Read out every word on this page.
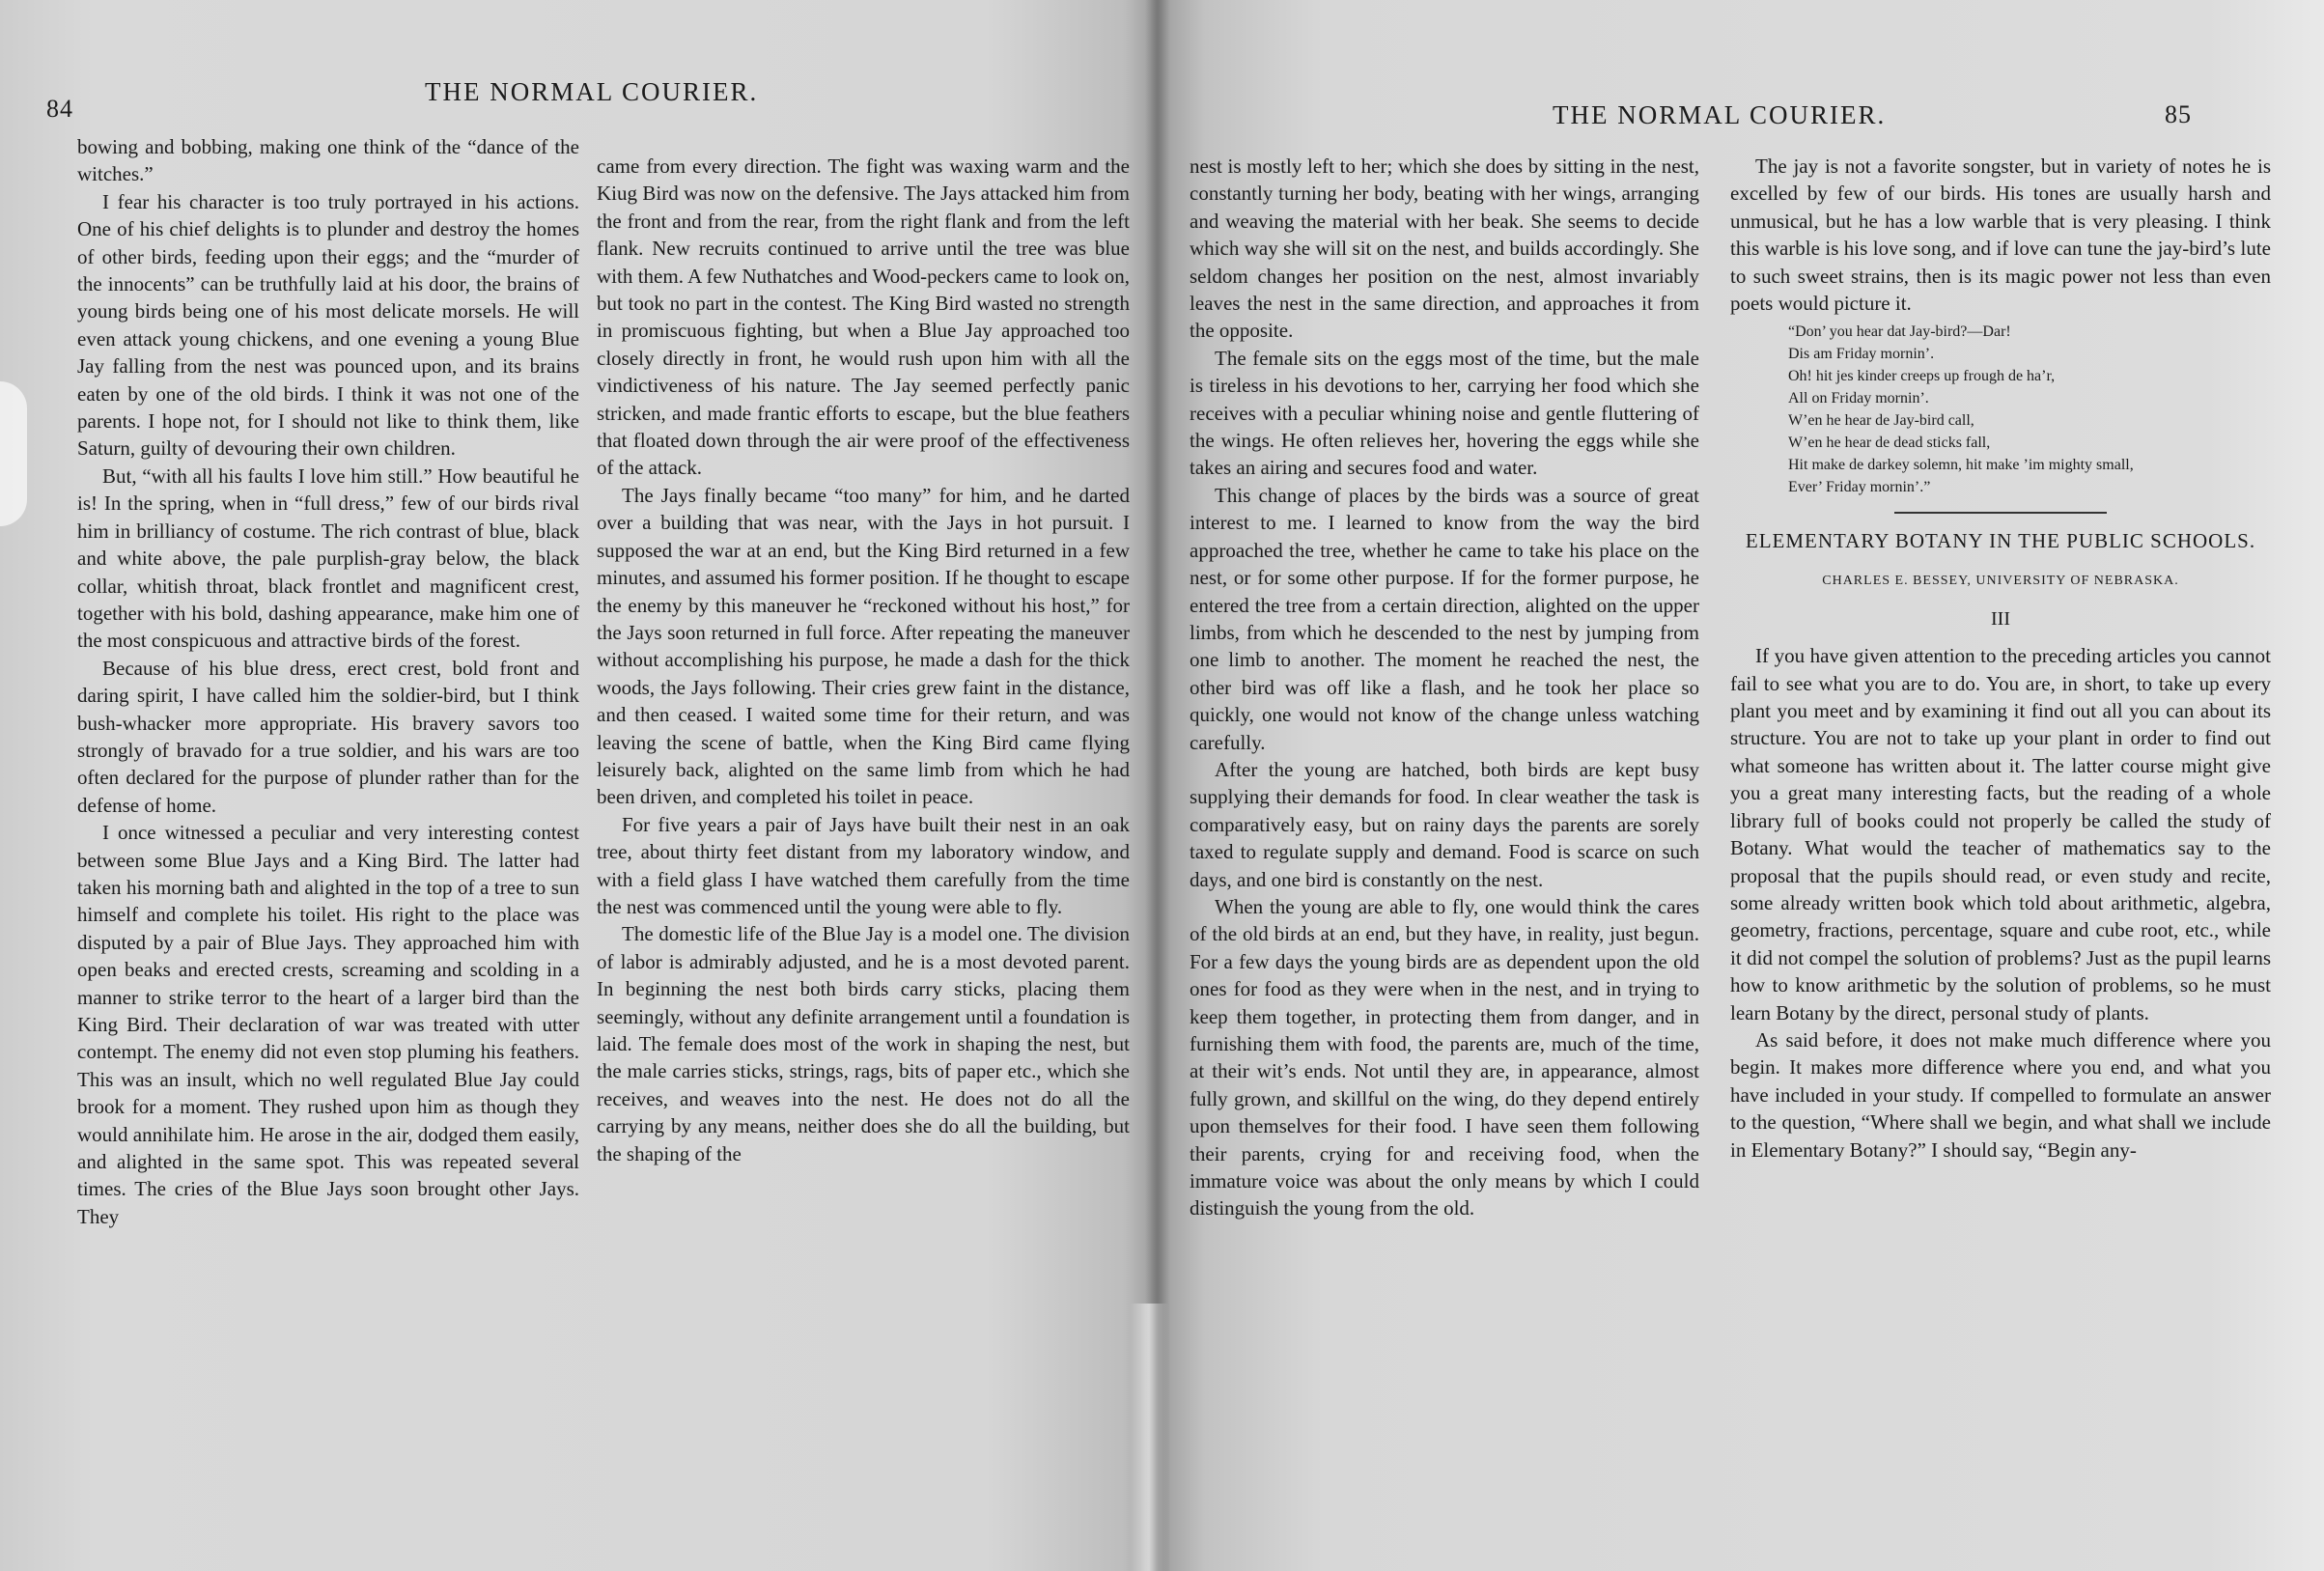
84
THE NORMAL COURIER.

bowing and bobbing, making one think of the “dance of the witches.”

I fear his character is too truly portrayed in his actions. One of his chief delights is to plunder and destroy the homes of other birds, feeding upon their eggs; and the “murder of the innocents” can be truthfully laid at his door, the brains of young birds being one of his most delicate morsels. He will even attack young chickens, and one evening a young Blue Jay falling from the nest was pounced upon, and its brains eaten by one of the old birds. I think it was not one of the parents. I hope not, for I should not like to think them, like Saturn, guilty of devouring their own children.

But, “with all his faults I love him still.” How beautiful he is! In the spring, when in “full dress,” few of our birds rival him in brilliancy of costume. The rich contrast of blue, black and white above, the pale purplish-gray below, the black collar, whitish throat, black frontlet and magnificent crest, together with his bold, dashing appearance, make him one of the most conspicuous and attractive birds of the forest.

Because of his blue dress, erect crest, bold front and daring spirit, I have called him the soldier-bird, but I think bush-whacker more appropriate. His bravery savors too strongly of bravado for a true soldier, and his wars are too often declared for the purpose of plunder rather than for the defense of home.

I once witnessed a peculiar and very interesting contest between some Blue Jays and a King Bird. The latter had taken his morning bath and alighted in the top of a tree to sun himself and complete his toilet. His right to the place was disputed by a pair of Blue Jays. They approached him with open beaks and erected crests, screaming and scolding in a manner to strike terror to the heart of a larger bird than the King Bird. Their declaration of war was treated with utter contempt. The enemy did not even stop pluming his feathers. This was an insult, which no well regulated Blue Jay could brook for a moment. They rushed upon him as though they would annihilate him. He arose in the air, dodged them easily, and alighted in the same spot. This was repeated several times. The cries of the Blue Jays soon brought other Jays. They

came from every direction. The fight was waxing warm and the Kiug Bird was now on the defensive. The Jays attacked him from the front and from the rear, from the right flank and from the left flank. New recruits continued to arrive until the tree was blue with them. A few Nuthatches and Wood-peckers came to look on, but took no part in the contest. The King Bird wasted no strength in promiscuous fighting, but when a Blue Jay approached too closely directly in front, he would rush upon him with all the vindictiveness of his nature. The Jay seemed perfectly panic stricken, and made frantic efforts to escape, but the blue feathers that floated down through the air were proof of the effectiveness of the attack.

The Jays finally became “too many” for him, and he darted over a building that was near, with the Jays in hot pursuit. I supposed the war at an end, but the King Bird returned in a few minutes, and assumed his former position. If he thought to escape the enemy by this maneuver he “reckoned without his host,” for the Jays soon returned in full force. After repeating the maneuver without accomplishing his purpose, he made a dash for the thick woods, the Jays following. Their cries grew faint in the distance, and then ceased. I waited some time for their return, and was leaving the scene of battle, when the King Bird came flying leisurely back, alighted on the same limb from which he had been driven, and completed his toilet in peace.

For five years a pair of Jays have built their nest in an oak tree, about thirty feet distant from my laboratory window, and with a field glass I have watched them carefully from the time the nest was commenced until the young were able to fly.

The domestic life of the Blue Jay is a model one. The division of labor is admirably adjusted, and he is a most devoted parent. In beginning the nest both birds carry sticks, placing them seemingly, without any definite arrangement until a foundation is laid. The female does most of the work in shaping the nest, but the male carries sticks, strings, rags, bits of paper etc., which she receives, and weaves into the nest. He does not do all the carrying by any means, neither does she do all the building, but the shaping of the

THE NORMAL COURIER.	85

nest is mostly left to her; which she does by sitting in the nest, constantly turning her body, beating with her wings, arranging and weaving the material with her beak. She seems to decide which way she will sit on the nest, and builds accordingly. She seldom changes her position on the nest, almost invariably leaves the nest in the same direction, and approaches it from the opposite.

The female sits on the eggs most of the time, but the male is tireless in his devotions to her, carrying her food which she receives with a peculiar whining noise and gentle fluttering of the wings. He often relieves her, hovering the eggs while she takes an airing and secures food and water.

This change of places by the birds was a source of great interest to me. I learned to know from the way the bird approached the tree, whether he came to take his place on the nest, or for some other purpose. If for the former purpose, he entered the tree from a certain direction, alighted on the upper limbs, from which he descended to the nest by jumping from one limb to another. The moment he reached the nest, the other bird was off like a flash, and he took her place so quickly, one would not know of the change unless watching carefully.

After the young are hatched, both birds are kept busy supplying their demands for food. In clear weather the task is comparatively easy, but on rainy days the parents are sorely taxed to regulate supply and demand. Food is scarce on such days, and one bird is constantly on the nest.

When the young are able to fly, one would think the cares of the old birds at an end, but they have, in reality, just begun. For a few days the young birds are as dependent upon the old ones for food as they were when in the nest, and in trying to keep them together, in protecting them from danger, and in furnishing them with food, the parents are, much of the time, at their wit’s ends. Not until they are, in appearance, almost fully grown, and skillful on the wing, do they depend entirely upon themselves for their food. I have seen them following their parents, crying for and receiving food, when the immature voice was about the only means by which I could distinguish the young from the old.

The jay is not a favorite songster, but in variety of notes he is excelled by few of our birds. His tones are usually harsh and unmusical, but he has a low warble that is very pleasing. I think this warble is his love song, and if love can tune the jay-bird’s lute to such sweet strains, then is its magic power not less than even poets would picture it.

“Don’ you hear dat Jay-bird?—Dar!
Dis am Friday mornin’.
Oh! hit jes kinder creeps up frough de ha’r,
All on Friday mornin’.
W’en he hear de Jay-bird call,
W’en he hear de dead sticks fall,
Hit make de darkey solemn, hit make ’im mighty small,
Ever’ Friday mornin’.”
ELEMENTARY BOTANY IN THE PUBLIC SCHOOLS.
CHARLES E. BESSEY, UNIVERSITY OF NEBRASKA.
III

If you have given attention to the preceding articles you cannot fail to see what you are to do. You are, in short, to take up every plant you meet and by examining it find out all you can about its structure. You are not to take up your plant in order to find out what someone has written about it. The latter course might give you a great many interesting facts, but the reading of a whole library full of books could not properly be called the study of Botany. What would the teacher of mathematics say to the proposal that the pupils should read, or even study and recite, some already written book which told about arithmetic, algebra, geometry, fractions, percentage, square and cube root, etc., while it did not compel the solution of problems? Just as the pupil learns how to know arithmetic by the solution of problems, so he must learn Botany by the direct, personal study of plants.

As said before, it does not make much difference where you begin. It makes more difference where you end, and what you have included in your study. If compelled to formulate an answer to the question, “Where shall we begin, and what shall we include in Elementary Botany?” I should say, “Begin any-
